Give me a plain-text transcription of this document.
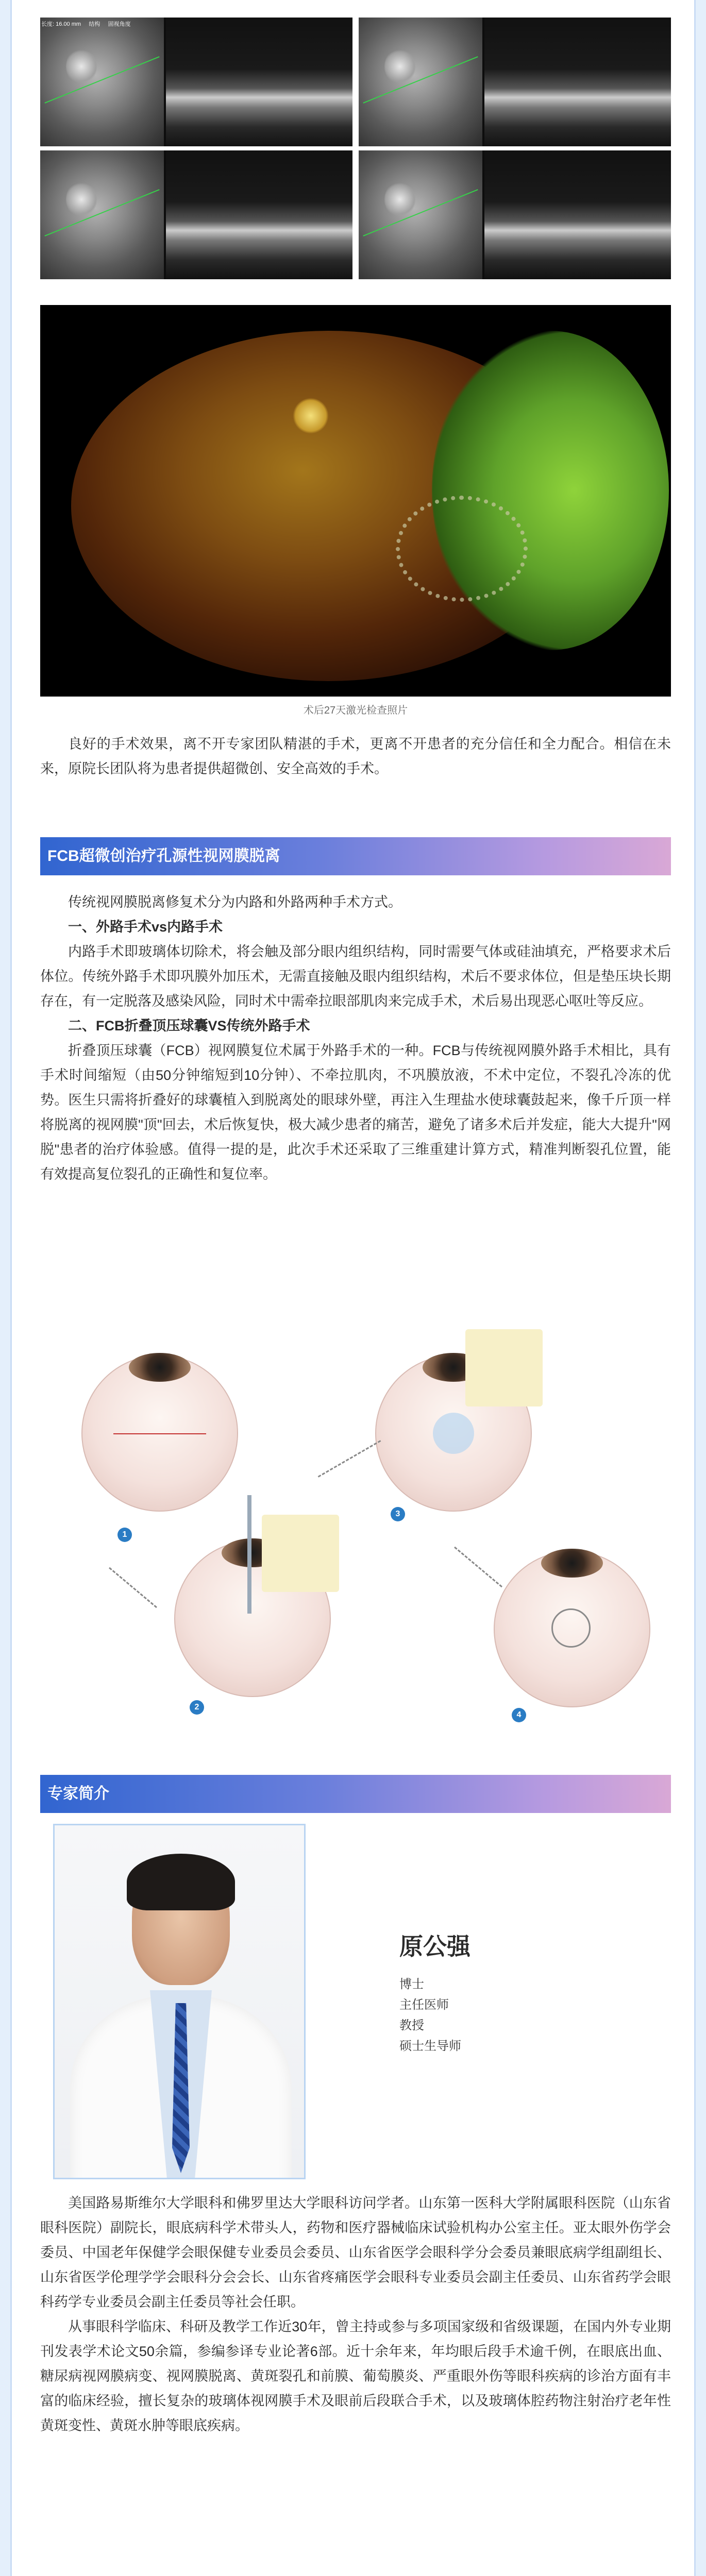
长度: 16.00 mm 结构 固视角度
术后27天激光检查照片

良好的手术效果，离不开专家团队精湛的手术，更离不开患者的充分信任和全力配合。相信在未来，原院长团队将为患者提供超微创、安全高效的手术。

FCB超微创治疗孔源性视网膜脱离

传统视网膜脱离修复术分为内路和外路两种手术方式。

一、外路手术vs内路手术

内路手术即玻璃体切除术，将会触及部分眼内组织结构，同时需要气体或硅油填充，严格要求术后体位。传统外路手术即巩膜外加压术，无需直接触及眼内组织结构，术后不要求体位，但是垫压块长期存在，有一定脱落及感染风险，同时术中需牵拉眼部肌肉来完成手术，术后易出现恶心呕吐等反应。

二、FCB折叠顶压球囊VS传统外路手术

折叠顶压球囊（FCB）视网膜复位术属于外路手术的一种。FCB与传统视网膜外路手术相比，具有手术时间缩短（由50分钟缩短到10分钟）、不牵拉肌肉，不巩膜放液，不术中定位，不裂孔冷冻的优势。医生只需将折叠好的球囊植入到脱离处的眼球外壁，再注入生理盐水使球囊鼓起来，像千斤顶一样将脱离的视网膜"顶"回去，术后恢复快，极大减少患者的痛苦，避免了诸多术后并发症，能大大提升"网脱"患者的治疗体验感。值得一提的是，此次手术还采取了三维重建计算方式，精准判断裂孔位置，能有效提高复位裂孔的正确性和复位率。

1
2
3
4
专家简介
原公强
博士
主任医师
教授
硕士生导师

美国路易斯维尔大学眼科和佛罗里达大学眼科访问学者。山东第一医科大学附属眼科医院（山东省眼科医院）副院长，眼底病科学术带头人，药物和医疗器械临床试验机构办公室主任。亚太眼外伤学会委员、中国老年保健学会眼保健专业委员会委员、山东省医学会眼科学分会委员兼眼底病学组副组长、山东省医学伦理学学会眼科分会会长、山东省疼痛医学会眼科专业委员会副主任委员、山东省药学会眼科药学专业委员会副主任委员等社会任职。

从事眼科学临床、科研及教学工作近30年，曾主持或参与多项国家级和省级课题，在国内外专业期刊发表学术论文50余篇，参编参译专业论著6部。近十余年来，年均眼后段手术逾千例，在眼底出血、糖尿病视网膜病变、视网膜脱离、黄斑裂孔和前膜、葡萄膜炎、严重眼外伤等眼科疾病的诊治方面有丰富的临床经验，擅长复杂的玻璃体视网膜手术及眼前后段联合手术，以及玻璃体腔药物注射治疗老年性黄斑变性、黄斑水肿等眼底疾病。
